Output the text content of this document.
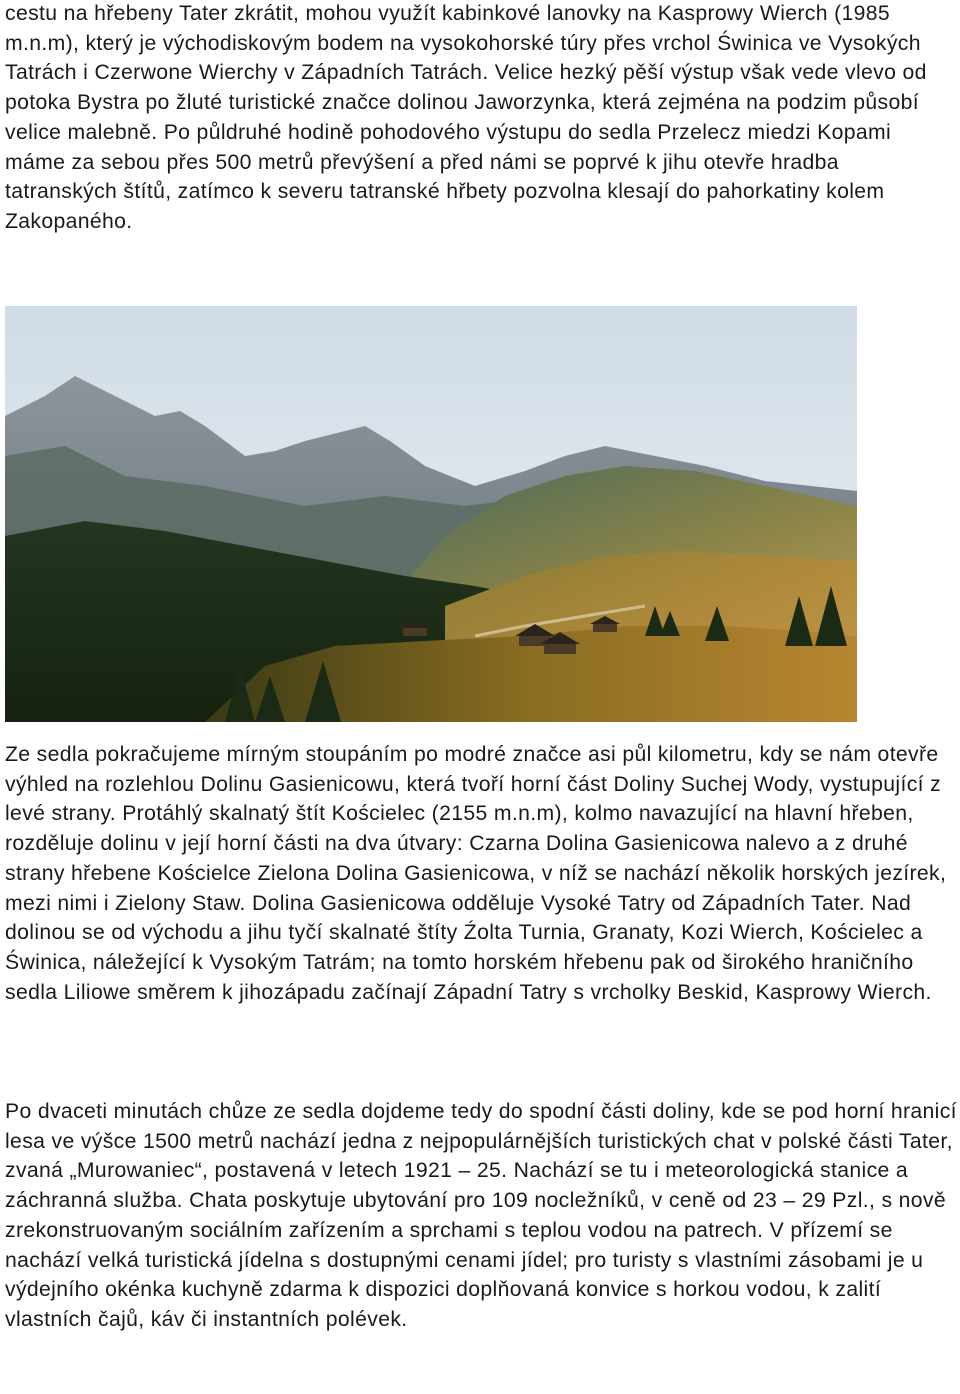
cestu na hřebeny Tater zkrátit, mohou využít kabinkové lanovky na Kasprowy Wierch (1985 m.n.m), který je východiskovým bodem na vysokohorské túry přes vrchol Świnica ve Vysokých Tatrách i Czerwone Wierchy v Západních Tatrách. Velice hezký pěší výstup však vede vlevo od potoka Bystra po žluté turistické značce dolinou Jaworzynka, která zejména na podzim působí velice malebně. Po půldruhé hodině pohodového výstupu do sedla Przelecz miedzi Kopami máme za sebou přes 500 metrů převýšení a před námi se poprvé k jihu otevře hradba tatranských štítů, zatímco k severu tatranské hřbety pozvolna klesají do pahorkatiny kolem Zakopaného.

Ze sedla pokračujeme mírným stoupáním po modré značce asi půl kilometru, kdy se nám otevře výhled na rozlehlou Dolinu Gasienicowu, která tvoří horní část Doliny Suchej Wody, vystupující z levé strany. Protáhlý skalnatý štít Kościelec (2155 m.n.m), kolmo navazující na hlavní hřeben, rozděluje dolinu v její horní části na dva útvary: Czarna Dolina Gasienicowa nalevo a z druhé strany hřebene Kościelce Zielona Dolina Gasienicowa, v níž se nachází několik horských jezírek, mezi nimi i Zielony Staw. Dolina Gasienicowa odděluje Vysoké Tatry od Západních Tater. Nad dolinou se od východu a jihu tyčí skalnaté štíty Źolta Turnia, Granaty, Kozi Wierch, Kościelec a Świnica, náležející k Vysokým Tatrám; na tomto horském hřebenu pak od širokého hraničního sedla Liliowe směrem k jihozápadu začínají Západní Tatry s vrcholky Beskid, Kasprowy Wierch.

Po dvaceti minutách chůze ze sedla dojdeme tedy do spodní části doliny, kde se pod horní hranicí lesa ve výšce 1500 metrů nachází jedna z nejpopulárnějších turistických chat v polské části Tater, zvaná „Murowaniec“, postavená v letech 1921 – 25. Nachází se tu i meteorologická stanice a záchranná služba. Chata poskytuje ubytování pro 109 nocležníků, v ceně od 23 – 29 Pzl., s nově zrekonstruovaným sociálním zařízením a sprchami s teplou vodou na patrech. V přízemí se nachází velká turistická jídelna s dostupnými cenami jídel; pro turisty s vlastními zásobami je u výdejního okénka kuchyně zdarma k dispozici doplňovaná konvice s horkou vodou, k zalití vlastních čajů, káv či instantních polévek.
